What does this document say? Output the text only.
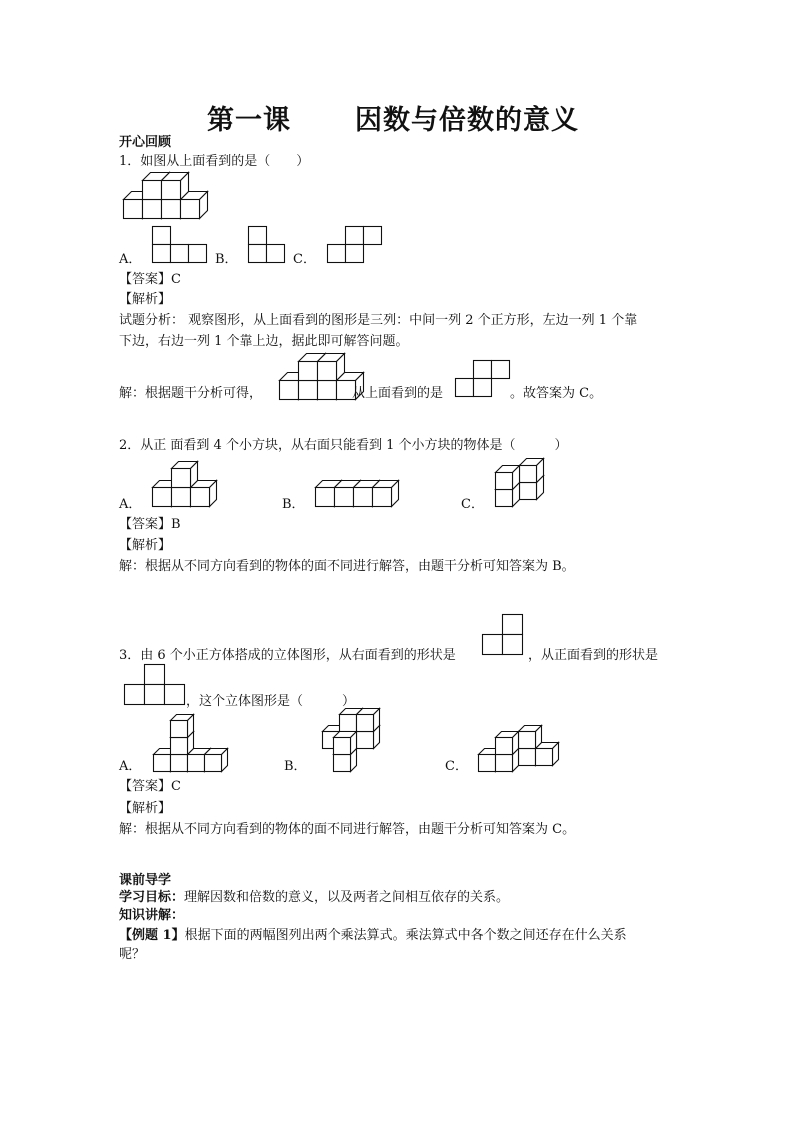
第一课 因数与倍数的意义
开心回顾
1．如图从上面看到的是（　　）
A．	B．	C．
【答案】C
【解析】
试题分析： 观察图形，从上面看到的图形是三列：中间一列 2 个正方形，左边一列 1 个靠
下边，右边一列 1 个靠上边，据此即可解答问题。
解：根据题干分析可得，	从上面看到的是	。故答案为 C。
2．从正 面看到 4 个小方块，从右面只能看到 1 个小方块的物体是（　　　）
A．	B．	C．
【答案】B
【解析】
解：根据从不同方向看到的物体的面不同进行解答，由题干分析可知答案为 B。
3．由 6 个小正方体搭成的立体图形，从右面看到的形状是	，从正面看到的形状是
，这个立体图形是（　　　）
A．	B．	C．
【答案】C
【解析】
解：根据从不同方向看到的物体的面不同进行解答，由题干分析可知答案为 C。
课前导学
学习目标：理解因数和倍数的意义，以及两者之间相互依存的关系。
知识讲解：
【例题 1】根据下面的两幅图列出两个乘法算式。乘法算式中各个数之间还存在什么关系
呢？
